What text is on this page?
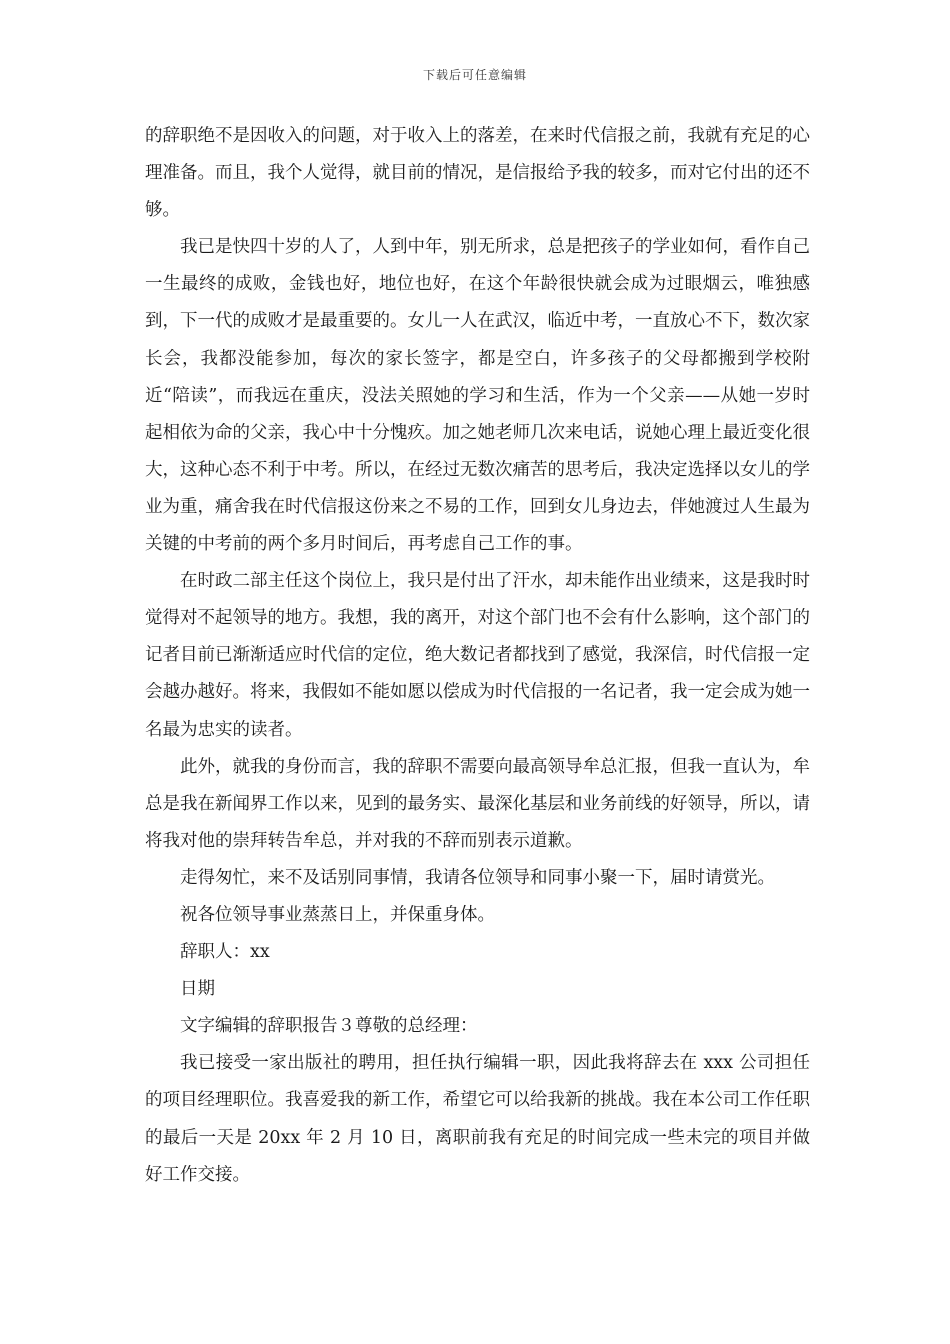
下载后可任意编辑

的辞职绝不是因收入的问题，对于收入上的落差，在来时代信报之前，我就有充足的心理准备。而且，我个人觉得，就目前的情况，是信报给予我的较多，而对它付出的还不够。

我已是快四十岁的人了，人到中年，别无所求，总是把孩子的学业如何，看作自己一生最终的成败，金钱也好，地位也好，在这个年龄很快就会成为过眼烟云，唯独感到，下一代的成败才是最重要的。女儿一人在武汉，临近中考，一直放心不下，数次家长会，我都没能参加，每次的家长签字，都是空白，许多孩子的父母都搬到学校附近“陪读”，而我远在重庆，没法关照她的学习和生活，作为一个父亲——从她一岁时起相依为命的父亲，我心中十分愧疚。加之她老师几次来电话，说她心理上最近变化很大，这种心态不利于中考。所以，在经过无数次痛苦的思考后，我决定选择以女儿的学业为重，痛舍我在时代信报这份来之不易的工作，回到女儿身边去，伴她渡过人生最为关键的中考前的两个多月时间后，再考虑自己工作的事。

在时政二部主任这个岗位上，我只是付出了汗水，却未能作出业绩来，这是我时时觉得对不起领导的地方。我想，我的离开，对这个部门也不会有什么影响，这个部门的记者目前已渐渐适应时代信的定位，绝大数记者都找到了感觉，我深信，时代信报一定会越办越好。将来，我假如不能如愿以偿成为时代信报的一名记者，我一定会成为她一名最为忠实的读者。

此外，就我的身份而言，我的辞职不需要向最高领导牟总汇报，但我一直认为，牟总是我在新闻界工作以来，见到的最务实、最深化基层和业务前线的好领导，所以，请将我对他的崇拜转告牟总，并对我的不辞而别表示道歉。

走得匆忙，来不及话别同事情，我请各位领导和同事小聚一下，届时请赏光。

祝各位领导事业蒸蒸日上，并保重身体。

辞职人：xx

日期

文字编辑的辞职报告３尊敬的总经理：

我已接受一家出版社的聘用，担任执行编辑一职，因此我将辞去在 xxx 公司担任的项目经理职位。我喜爱我的新工作，希望它可以给我新的挑战。我在本公司工作任职的最后一天是 20xx 年 2 月 10 日，离职前我有充足的时间完成一些未完的项目并做好工作交接。
